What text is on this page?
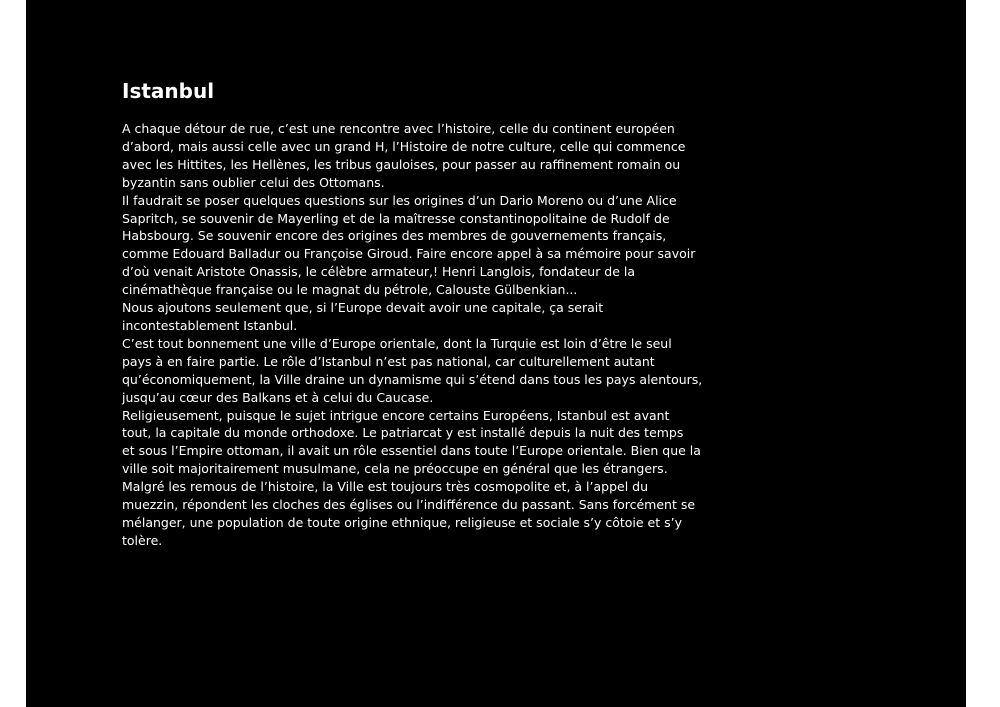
Istanbul
A chaque détour de rue, c’est une rencontre avec l’histoire, celle du continent européen
d’abord, mais aussi celle avec un grand H, l’Histoire de notre culture, celle qui commence
avec les Hittites, les Hellènes, les tribus gauloises, pour passer au raffinement romain ou
byzantin sans oublier celui des Ottomans.
Il faudrait se poser quelques questions sur les origines d’un Dario Moreno ou d’une Alice
Sapritch, se souvenir de Mayerling et de la maîtresse constantinopolitaine de Rudolf de
Habsbourg. Se souvenir encore des origines des membres de gouvernements français,
comme Edouard Balladur ou Françoise Giroud. Faire encore appel à sa mémoire pour savoir
d’où venait Aristote Onassis, le célèbre armateur,! Henri Langlois, fondateur de la
cinémathèque française ou le magnat du pétrole, Calouste Gülbenkian...
Nous ajoutons seulement que, si l’Europe devait avoir une capitale, ça serait
incontestablement Istanbul.
C’est tout bonnement une ville d’Europe orientale, dont la Turquie est loin d’être le seul
pays à en faire partie. Le rôle d’Istanbul n’est pas national, car culturellement autant
qu’économiquement, la Ville draine un dynamisme qui s’étend dans tous les pays alentours,
jusqu’au cœur des Balkans et à celui du Caucase.
Religieusement, puisque le sujet intrigue encore certains Européens, Istanbul est avant
tout, la capitale du monde orthodoxe. Le patriarcat y est installé depuis la nuit des temps
et sous l’Empire ottoman, il avait un rôle essentiel dans toute l’Europe orientale. Bien que la
ville soit majoritairement musulmane, cela ne préoccupe en général que les étrangers.
Malgré les remous de l’histoire, la Ville est toujours très cosmopolite et, à l’appel du
muezzin, répondent les cloches des églises ou l’indifférence du passant. Sans forcément se
mélanger, une population de toute origine ethnique, religieuse et sociale s’y côtoie et s’y
tolère.
